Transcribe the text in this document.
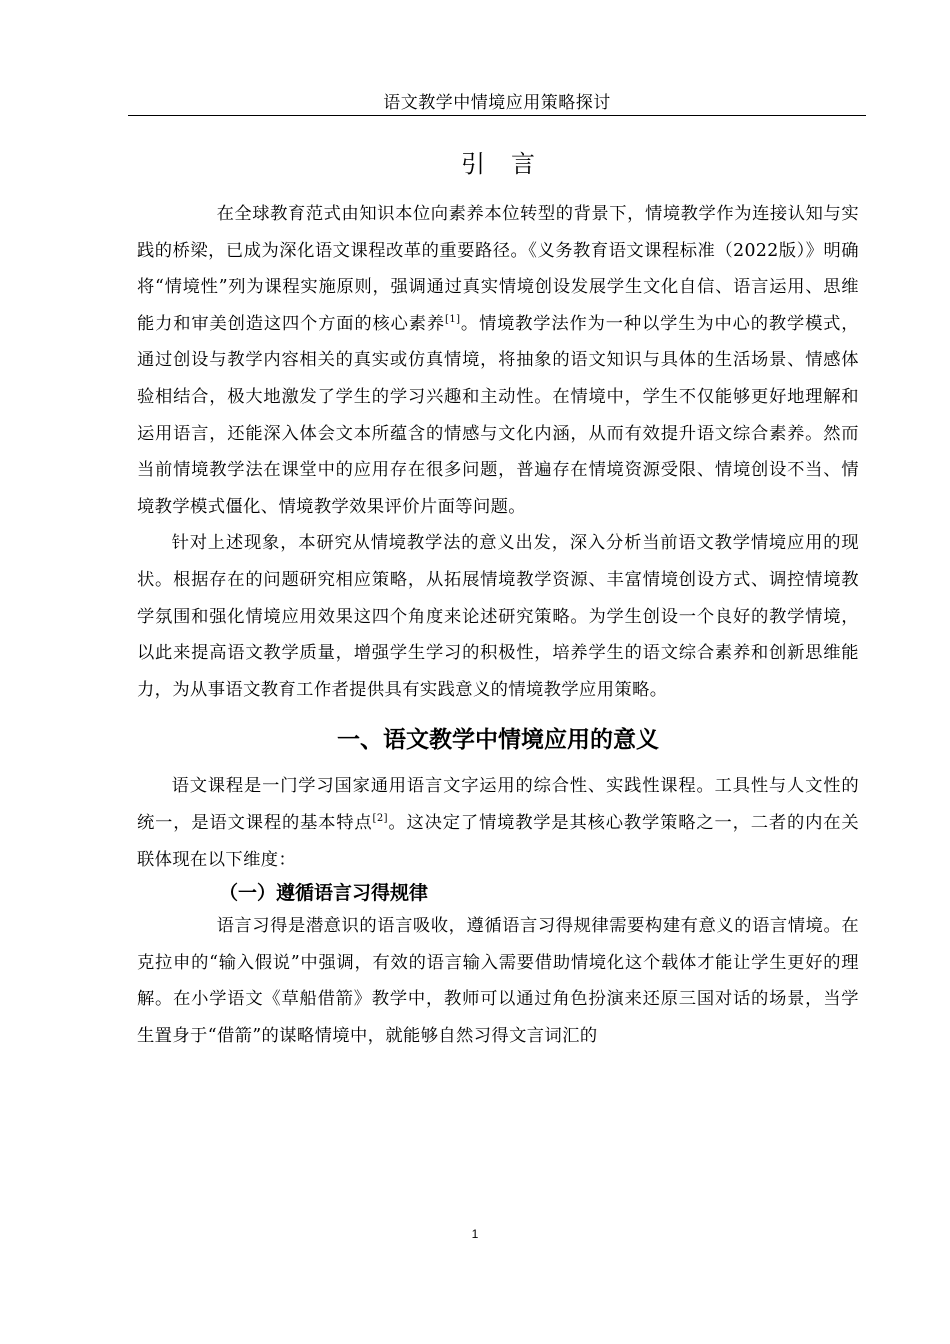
语文教学中情境应用策略探讨
引言

在全球教育范式由知识本位向素养本位转型的背景下，情境教学作为连接认知与实践的桥梁，已成为深化语文课程改革的重要路径。《义务教育语文课程标准（2022版）》明确将“情境性”列为课程实施原则，强调通过真实情境创设发展学生文化自信、语言运用、思维能力和审美创造这四个方面的核心素养[1]。情境教学法作为一种以学生为中心的教学模式，通过创设与教学内容相关的真实或仿真情境，将抽象的语文知识与具体的生活场景、情感体验相结合，极大地激发了学生的学习兴趣和主动性。在情境中，学生不仅能够更好地理解和运用语言，还能深入体会文本所蕴含的情感与文化内涵，从而有效提升语文综合素养。然而当前情境教学法在课堂中的应用存在很多问题，普遍存在情境资源受限、情境创设不当、情境教学模式僵化、情境教学效果评价片面等问题。

针对上述现象，本研究从情境教学法的意义出发，深入分析当前语文教学情境应用的现状。根据存在的问题研究相应策略，从拓展情境教学资源、丰富情境创设方式、调控情境教学氛围和强化情境应用效果这四个角度来论述研究策略。为学生创设一个良好的教学情境，以此来提高语文教学质量，增强学生学习的积极性，培养学生的语文综合素养和创新思维能力，为从事语文教育工作者提供具有实践意义的情境教学应用策略。

一、语文教学中情境应用的意义

语文课程是一门学习国家通用语言文字运用的综合性、实践性课程。工具性与人文性的统一，是语文课程的基本特点[2]。这决定了情境教学是其核心教学策略之一，二者的内在关联体现在以下维度：

（一）遵循语言习得规律

语言习得是潜意识的语言吸收，遵循语言习得规律需要构建有意义的语言情境。在克拉申的“输入假说”中强调，有效的语言输入需要借助情境化这个载体才能让学生更好的理解。在小学语文《草船借箭》教学中，教师可以通过角色扮演来还原三国对话的场景，当学生置身于“借箭”的谋略情境中，就能够自然习得文言词汇的

1
